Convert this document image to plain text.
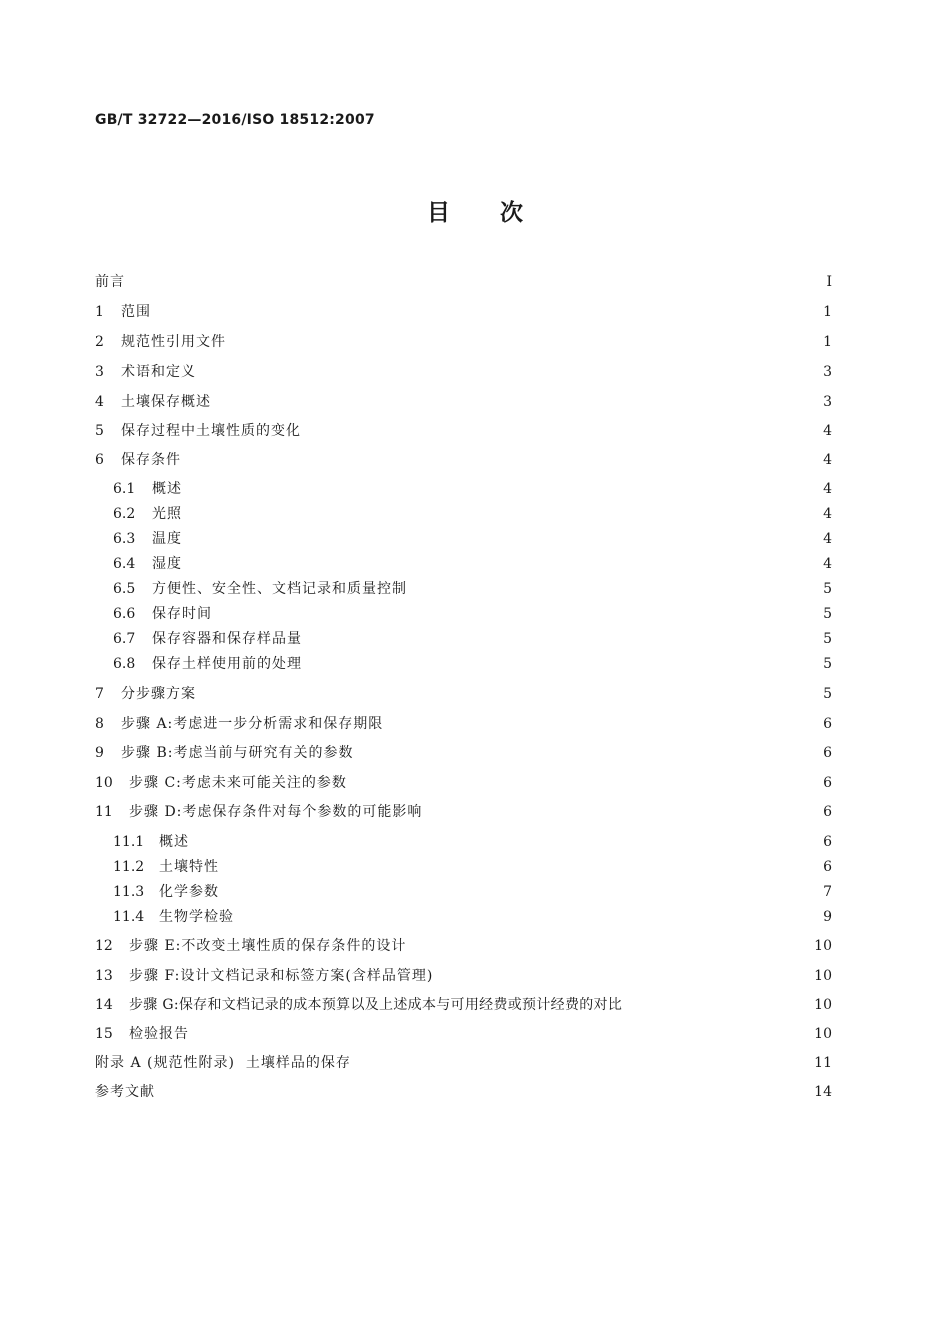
GB/T 32722—2016/ISO 18512:2007
目 次
前言	Ⅰ
1	范围	1
2	规范性引用文件	1
3	术语和定义	3
4	土壤保存概述	3
5	保存过程中土壤性质的变化	4
6	保存条件	4
6.1	概述	4
6.2	光照	4
6.3	温度	4
6.4	湿度	4
6.5	方便性、安全性、文档记录和质量控制	5
6.6	保存时间	5
6.7	保存容器和保存样品量	5
6.8	保存土样使用前的处理	5
7	分步骤方案	5
8	步骤 A:考虑进一步分析需求和保存期限	6
9	步骤 B:考虑当前与研究有关的参数	6
10	步骤 C:考虑未来可能关注的参数	6
11	步骤 D:考虑保存条件对每个参数的可能影响	6
11.1	概述	6
11.2	土壤特性	6
11.3	化学参数	7
11.4	生物学检验	9
12	步骤 E:不改变土壤性质的保存条件的设计	10
13	步骤 F:设计文档记录和标签方案(含样品管理)	10
14	步骤 G:保存和文档记录的成本预算以及上述成本与可用经费或预计经费的对比	10
15	检验报告	10
附录 A (规范性附录)  土壤样品的保存	11
参考文献	14
